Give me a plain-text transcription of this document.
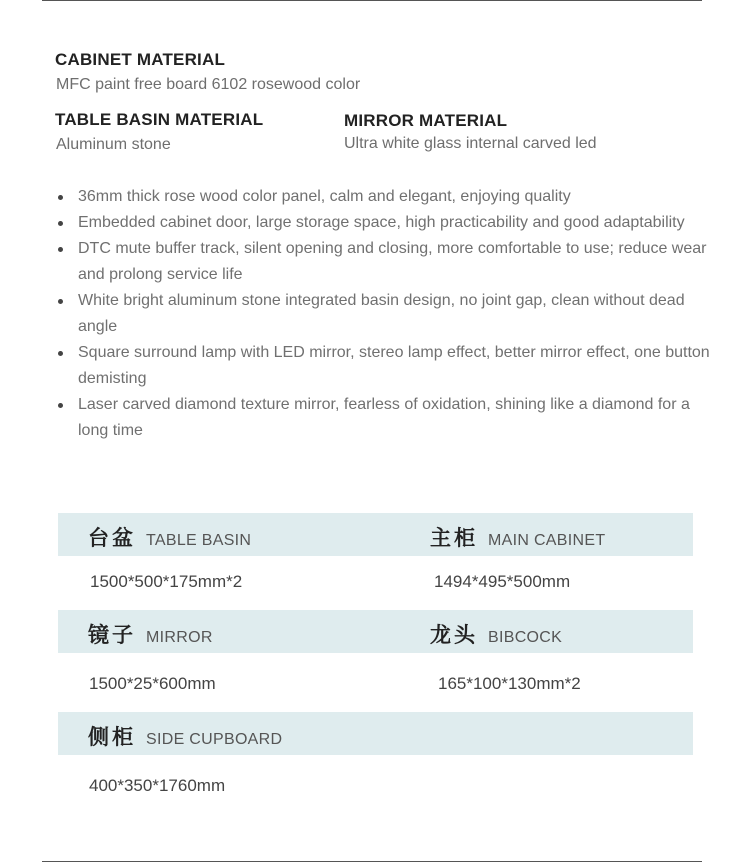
CABINET MATERIAL
MFC paint free board 6102 rosewood color
TABLE BASIN MATERIAL
Aluminum stone
MIRROR MATERIAL
Ultra white glass internal carved led
36mm thick rose wood color panel, calm and elegant, enjoying quality
Embedded cabinet door, large storage space, high practicability and good adaptability
DTC mute buffer track, silent opening and closing, more comfortable to use; reduce wear and prolong service life
White bright aluminum stone integrated basin design, no joint gap, clean without dead angle
Square surround lamp with LED mirror, stereo lamp effect, better mirror effect, one button demisting
Laser carved diamond texture mirror, fearless of oxidation, shining like a diamond for a long time
台盆 TABLE BASIN	主柜 MAIN CABINET
1500*500*175mm*2	1494*495*500mm
镜子 MIRROR	龙头 BIBCOCK
1500*25*600mm	165*100*130mm*2
侧柜 SIDE CUPBOARD
400*350*1760mm
